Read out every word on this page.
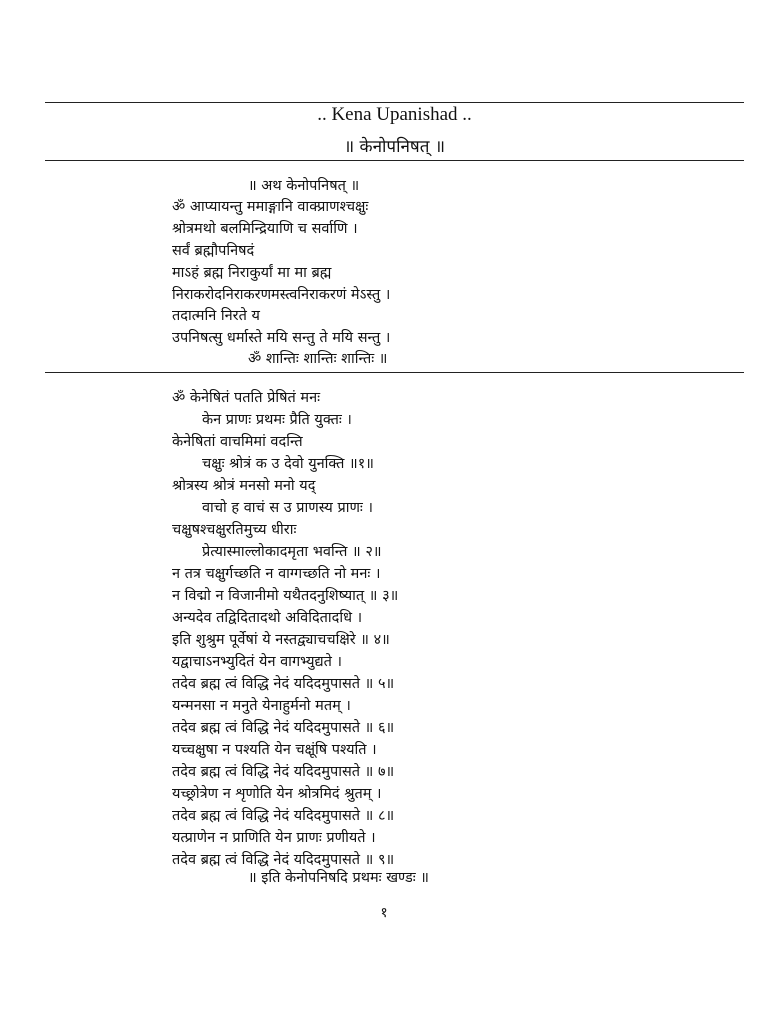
.. Kena Upanishad ..
॥ केनोपनिषत् ॥
॥ अथ केनोपनिषत् ॥
ॐ आप्यायन्तु ममाङ्गानि वाक्प्राणश्चक्षुः
श्रोत्रमथो बलमिन्द्रियाणि च सर्वाणि ।
सर्वं ब्रह्मौपनिषदं
माऽहं ब्रह्म निराकुर्यां मा मा ब्रह्म
निराकरोदनिराकरणमस्त्वनिराकरणं मेऽस्तु ।
तदात्मनि निरते य
उपनिषत्सु धर्मास्ते मयि सन्तु ते मयि सन्तु ।
ॐ शान्तिः शान्तिः शान्तिः ॥
ॐ केनेषितं पतति प्रेषितं मनः
केन प्राणः प्रथमः प्रैति युक्तः ।
केनेषितां वाचमिमां वदन्ति
चक्षुः श्रोत्रं क उ देवो युनक्ति ॥१॥
श्रोत्रस्य श्रोत्रं मनसो मनो यद्
वाचो ह वाचं स उ प्राणस्य प्राणः ।
चक्षुषश्चक्षुरतिमुच्य धीराः
प्रेत्यास्माल्लोकादमृता भवन्ति ॥ २॥
न तत्र चक्षुर्गच्छति न वाग्गच्छति नो मनः ।
न विद्मो न विजानीमो यथैतदनुशिष्यात् ॥ ३॥
अन्यदेव तद्विदितादथो अविदितादधि ।
इति शुश्रुम पूर्वेषां ये नस्तद्व्याचचक्षिरे ॥ ४॥
यद्वाचाऽनभ्युदितं येन वागभ्युद्यते ।
तदेव ब्रह्म त्वं विद्धि नेदं यदिदमुपासते ॥ ५॥
यन्मनसा न मनुते येनाहुर्मनो मतम् ।
तदेव ब्रह्म त्वं विद्धि नेदं यदिदमुपासते ॥ ६॥
यच्चक्षुषा न पश्यति येन चक्षूंषि पश्यति ।
तदेव ब्रह्म त्वं विद्धि नेदं यदिदमुपासते ॥ ७॥
यच्छ्रोत्रेण न शृणोति येन श्रोत्रमिदं श्रुतम् ।
तदेव ब्रह्म त्वं विद्धि नेदं यदिदमुपासते ॥ ८॥
यत्प्राणेन न प्राणिति येन प्राणः प्रणीयते ।
तदेव ब्रह्म त्वं विद्धि नेदं यदिदमुपासते ॥ ९॥
॥ इति केनोपनिषदि प्रथमः खण्डः ॥
१
